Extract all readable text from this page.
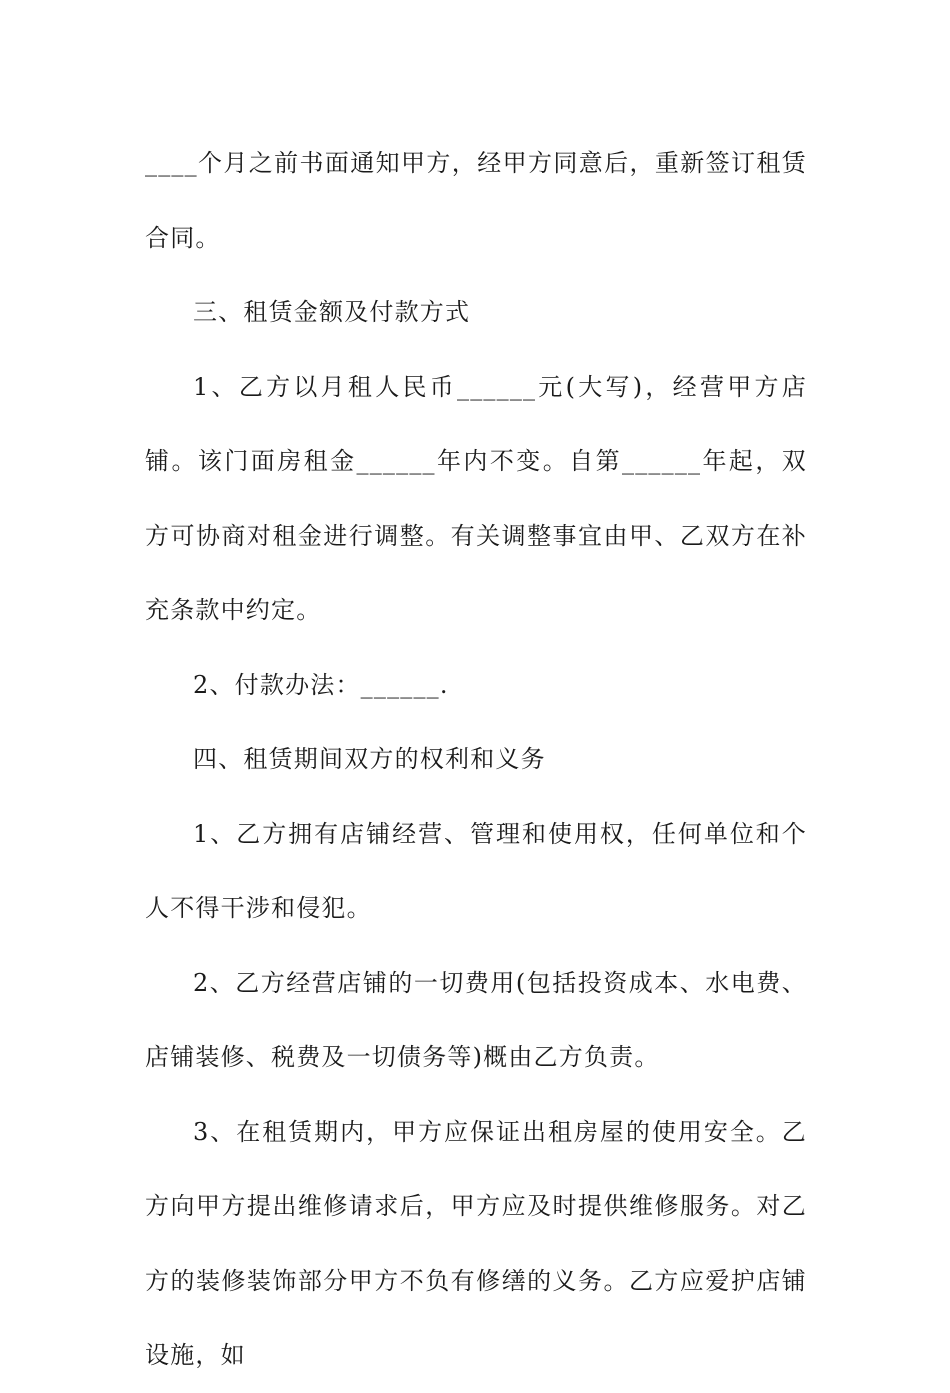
____个月之前书面通知甲方，经甲方同意后，重新签订租赁合同。

三、租赁金额及付款方式

1、乙方以月租人民币______元(大写)，经营甲方店铺。该门面房租金______年内不变。自第______年起，双方可协商对租金进行调整。有关调整事宜由甲、乙双方在补充条款中约定。

2、付款办法：______.

四、租赁期间双方的权利和义务

1、乙方拥有店铺经营、管理和使用权，任何单位和个人不得干涉和侵犯。

2、乙方经营店铺的一切费用(包括投资成本、水电费、店铺装修、税费及一切债务等)概由乙方负责。

3、在租赁期内，甲方应保证出租房屋的使用安全。乙方向甲方提出维修请求后，甲方应及时提供维修服务。对乙方的装修装饰部分甲方不负有修缮的义务。乙方应爱护店铺设施，如
